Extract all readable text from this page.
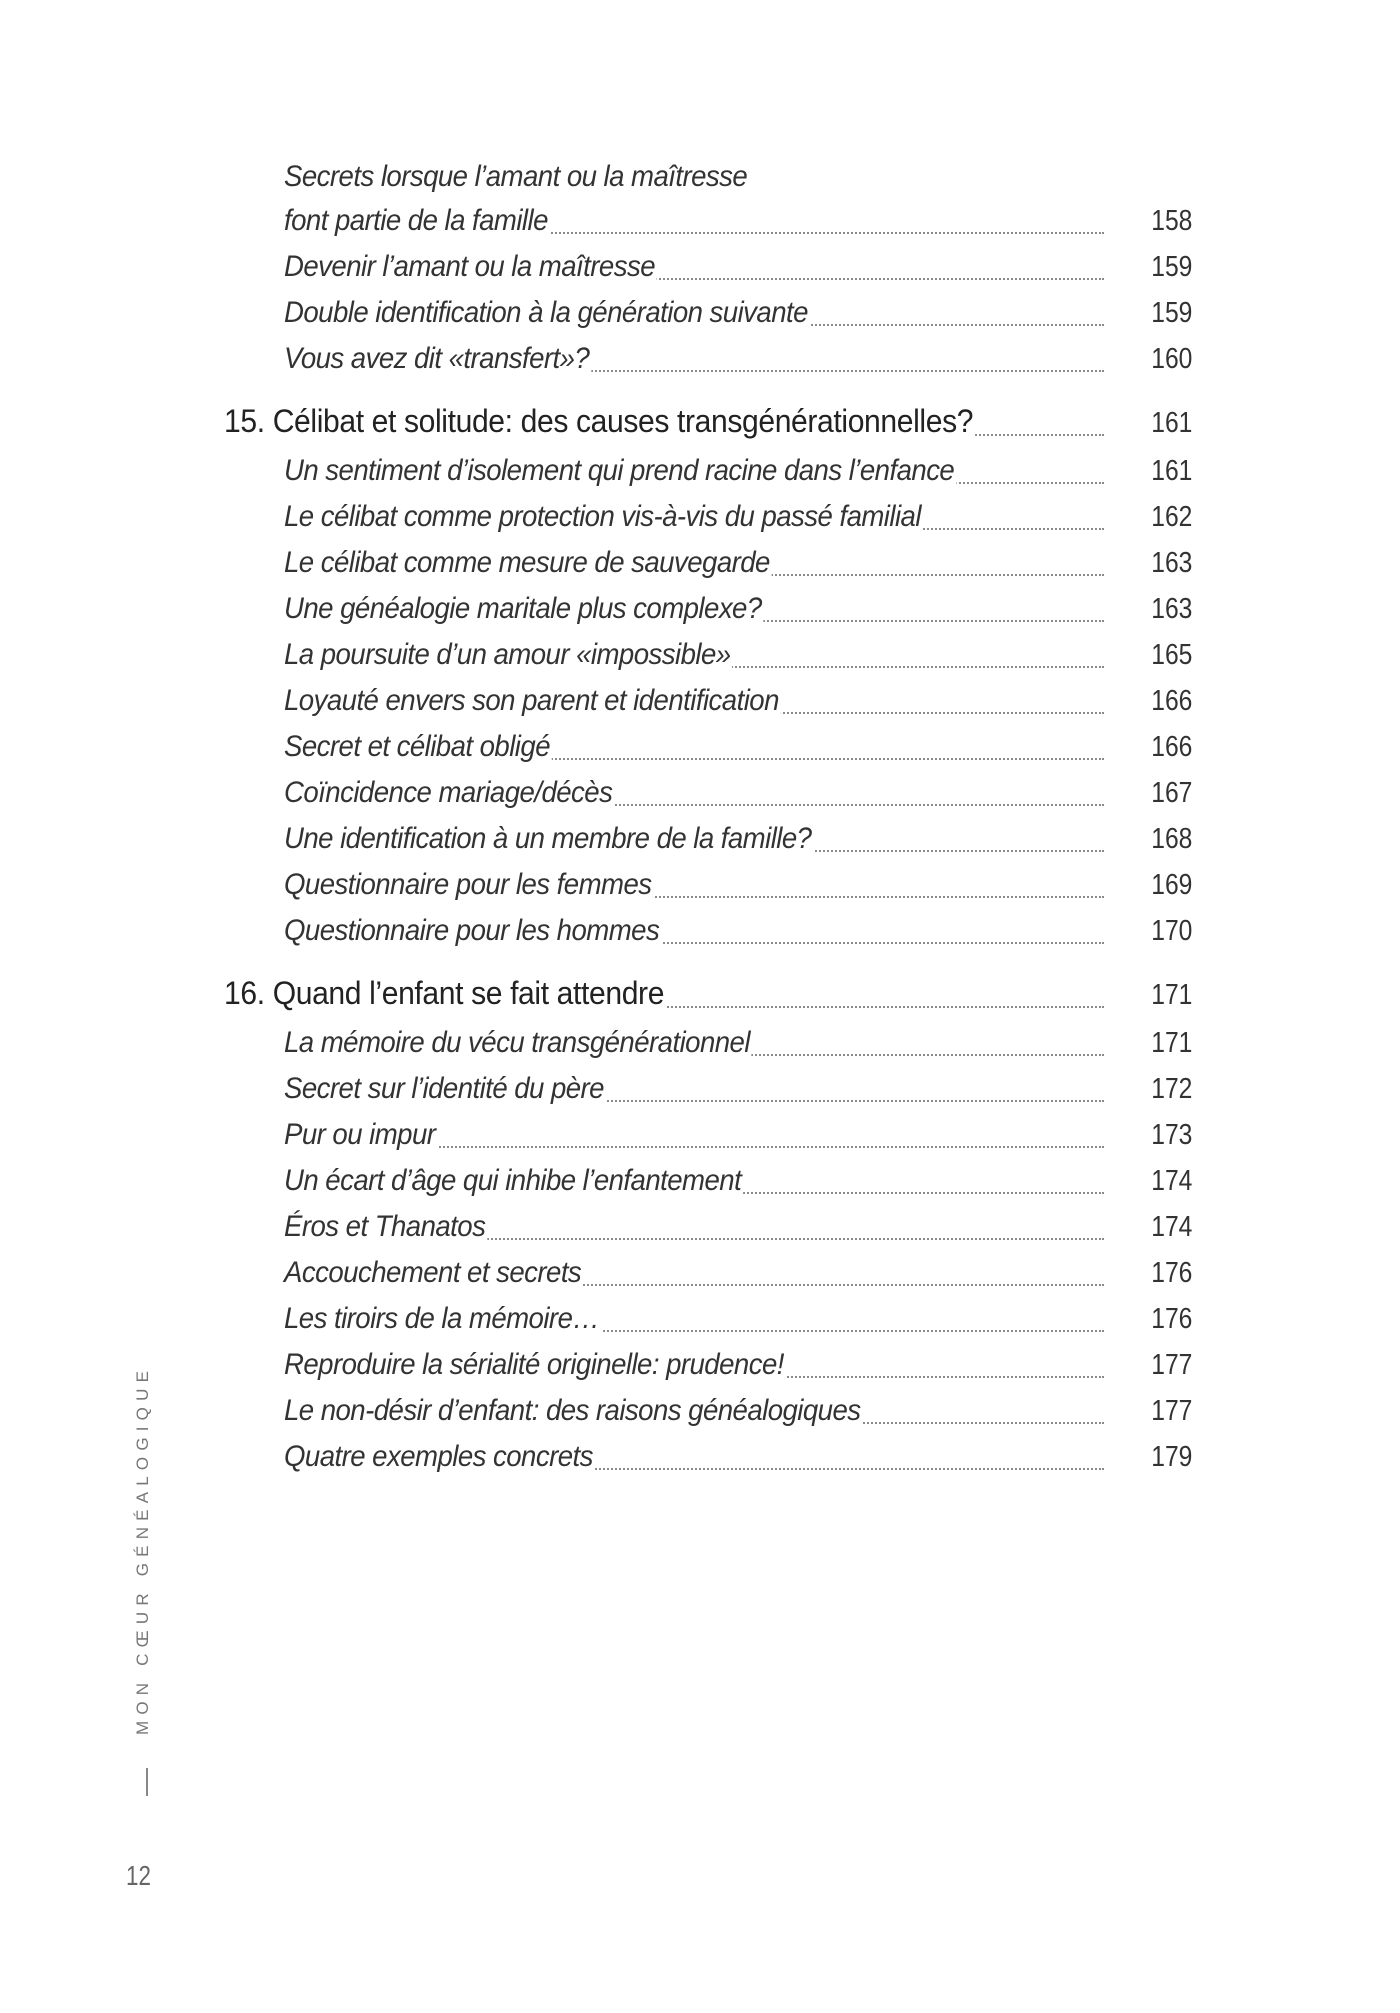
Secrets lorsque l’amant ou la maîtresse
font partie de la famille	158
Devenir l’amant ou la maîtresse	159
Double identification à la génération suivante	159
Vous avez dit «transfert»?	160
15. Célibat et solitude: des causes transgénérationnelles?	161
Un sentiment d’isolement qui prend racine dans l’enfance	161
Le célibat comme protection vis-à-vis du passé familial	162
Le célibat comme mesure de sauvegarde	163
Une généalogie maritale plus complexe?	163
La poursuite d’un amour «impossible»	165
Loyauté envers son parent et identification	166
Secret et célibat obligé	166
Coïncidence mariage/décès	167
Une identification à un membre de la famille?	168
Questionnaire pour les femmes	169
Questionnaire pour les hommes	170
16. Quand l’enfant se fait attendre	171
La mémoire du vécu transgénérationnel	171
Secret sur l’identité du père	172
Pur ou impur	173
Un écart d’âge qui inhibe l’enfantement	174
Éros et Thanatos	174
Accouchement et secrets	176
Les tiroirs de la mémoire…	176
Reproduire la sérialité originelle: prudence!	177
Le non-désir d’enfant: des raisons généalogiques	177
Quatre exemples concrets	179
MON CŒUR GÉNÉALOGIQUE
12
